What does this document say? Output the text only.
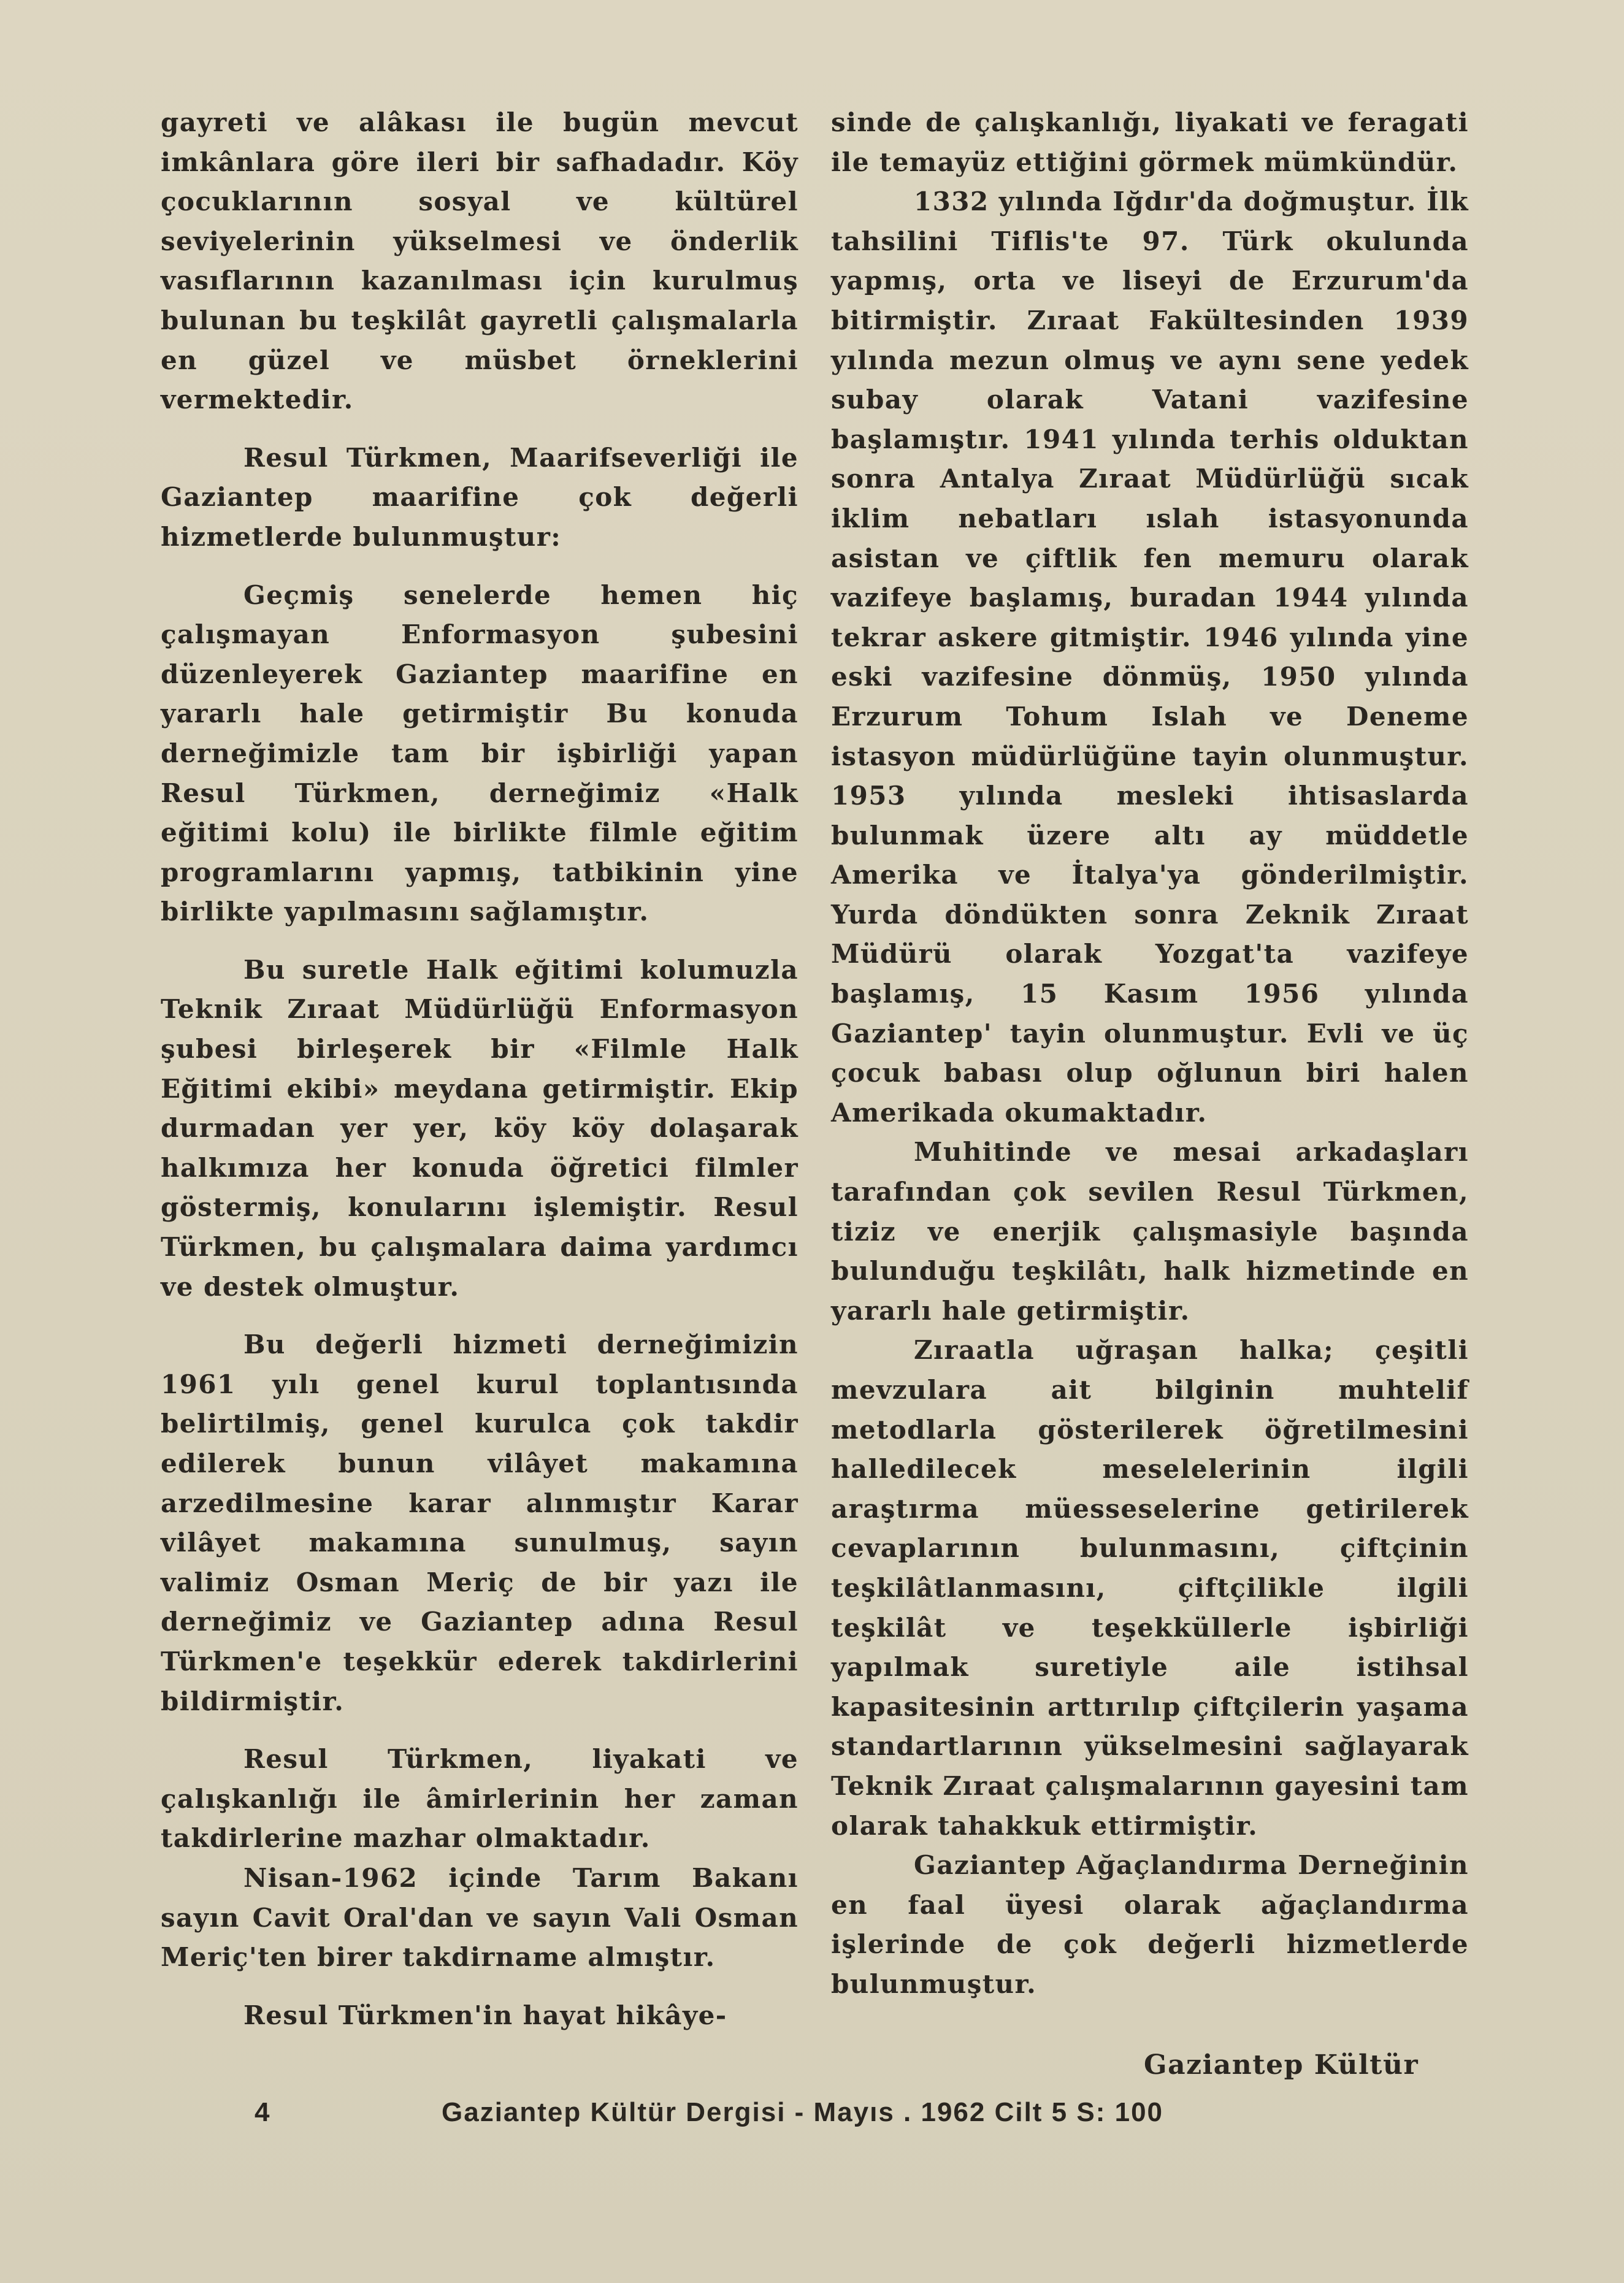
gayreti ve alâkası ile bugün mevcut imkânlara göre ileri bir safhadadır. Köy çocuklarının sosyal ve kültürel seviyelerinin yükselmesi ve önderlik vasıflarının kazanılması için kurulmuş bulunan bu teşkilât gayretli çalışmalarla en güzel ve müsbet örneklerini vermektedir.

Resul Türkmen, Maarifseverliği ile Gaziantep maarifine çok değerli hizmetlerde bulunmuştur:

Geçmiş senelerde hemen hiç çalışmayan Enformasyon şubesini düzenleyerek Gaziantep maarifine en yararlı hale getirmiştir Bu konuda derneğimizle tam bir işbirliği yapan Resul Türkmen, derneğimiz «Halk eğitimi kolu) ile birlikte filmle eğitim programlarını yapmış, tatbikinin yine birlikte yapılmasını sağlamıştır.

Bu suretle Halk eğitimi kolumuzla Teknik Zıraat Müdürlüğü Enformasyon şubesi birleşerek bir «Filmle Halk Eğitimi ekibi» meydana getirmiştir. Ekip durmadan yer yer, köy köy dolaşarak halkımıza her konuda öğretici filmler göstermiş, konularını işlemiştir. Resul Türkmen, bu çalışmalara daima yardımcı ve destek olmuştur.

Bu değerli hizmeti derneğimizin 1961 yılı genel kurul toplantısında belirtilmiş, genel kurulca çok takdir edilerek bunun vilâyet makamına arzedilmesine karar alınmıştır Karar vilâyet makamına sunulmuş, sayın valimiz Osman Meriç de bir yazı ile derneğimiz ve Gaziantep adına Resul Türkmen'e teşekkür ederek takdirlerini bildirmiştir.

Resul Türkmen, liyakati ve çalışkanlığı ile âmirlerinin her zaman takdirlerine mazhar olmaktadır.

Nisan-1962 içinde Tarım Bakanı sayın Cavit Oral'dan ve sayın Vali Osman Meriç'ten birer takdirname almıştır.

Resul Türkmen'in hayat hikâye-

sinde de çalışkanlığı, liyakati ve feragati ile temayüz ettiğini görmek mümkündür.

1332 yılında Iğdır'da doğmuştur. İlk tahsilini Tiflis'te 97. Türk okulunda yapmış, orta ve liseyi de Erzurum'da bitirmiştir. Zıraat Fakültesinden 1939 yılında mezun olmuş ve aynı sene yedek subay olarak Vatani vazifesine başlamıştır. 1941 yılında terhis olduktan sonra Antalya Zıraat Müdürlüğü sıcak iklim nebatları ıslah istasyonunda asistan ve çiftlik fen memuru olarak vazifeye başlamış, buradan 1944 yılında tekrar askere gitmiştir. 1946 yılında yine eski vazifesine dönmüş, 1950 yılında Erzurum Tohum Islah ve Deneme istasyon müdürlüğüne tayin olunmuştur. 1953 yılında mesleki ihtisaslarda bulunmak üzere altı ay müddetle Amerika ve İtalya'ya gönderilmiştir. Yurda döndükten sonra Zeknik Zıraat Müdürü olarak Yozgat'ta vazifeye başlamış, 15 Kasım 1956 yılında Gaziantep' tayin olunmuştur. Evli ve üç çocuk babası olup oğlunun biri halen Amerikada okumaktadır.

Muhitinde ve mesai arkadaşları tarafından çok sevilen Resul Türkmen, tiziz ve enerjik çalışmasiyle başında bulunduğu teşkilâtı, halk hizmetinde en yararlı hale getirmiştir.

Zıraatla uğraşan halka; çeşitli mevzulara ait bilginin muhtelif metodlarla gösterilerek öğretilmesini halledilecek meselelerinin ilgili araştırma müesseselerine getirilerek cevaplarının bulunmasını, çiftçinin teşkilâtlanmasını, çiftçilikle ilgili teşkilât ve teşekküllerle işbirliği yapılmak suretiyle aile istihsal kapasitesinin arttırılıp çiftçilerin yaşama standartlarının yükselmesini sağlayarak Teknik Zıraat çalışmalarının gayesini tam olarak tahakkuk ettirmiştir.

Gaziantep Ağaçlandırma Derneğinin en faal üyesi olarak ağaçlandırma işlerinde de çok değerli hizmetlerde bulunmuştur.

Gaziantep Kültür
4	Gaziantep Kültür Dergisi - Mayıs . 1962 Cilt 5 S: 100
